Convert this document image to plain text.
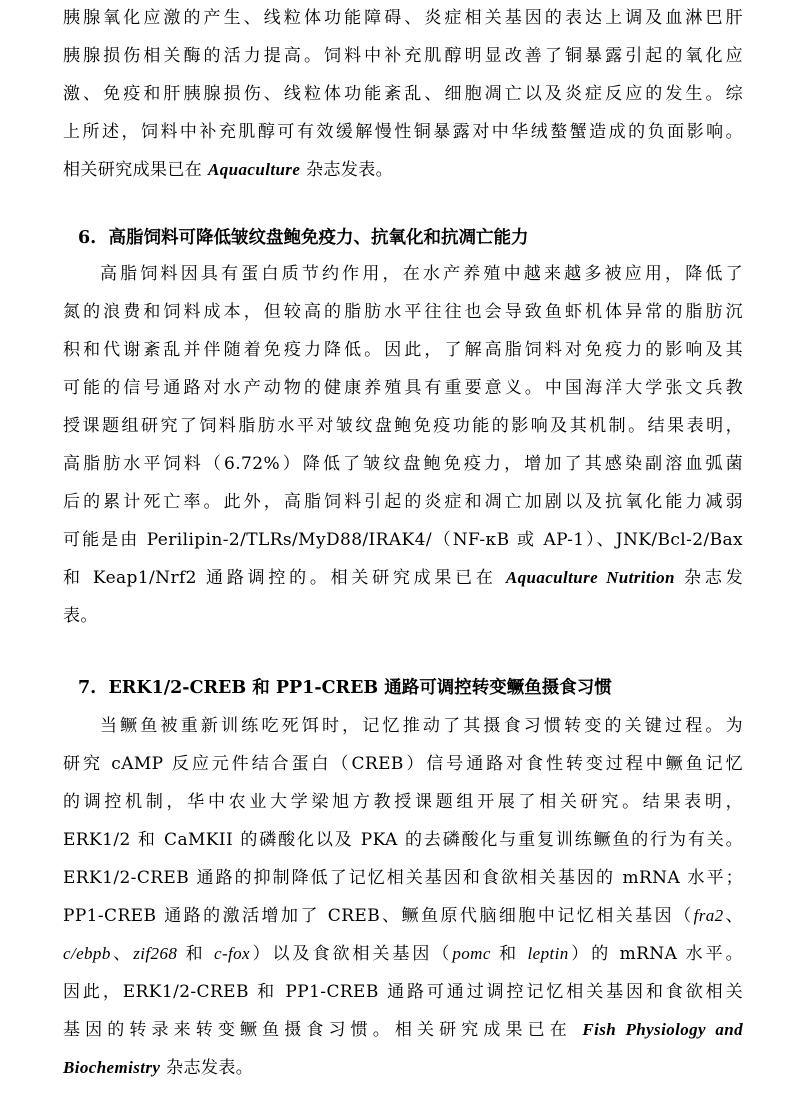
胰腺氧化应激的产生、线粒体功能障碍、炎症相关基因的表达上调及血淋巴肝
胰腺损伤相关酶的活力提高。饲料中补充肌醇明显改善了铜暴露引起的氧化应
激、免疫和肝胰腺损伤、线粒体功能紊乱、细胞凋亡以及炎症反应的发生。综
上所述，饲料中补充肌醇可有效缓解慢性铜暴露对中华绒螯蟹造成的负面影响。
相关研究成果已在 Aquaculture 杂志发表。
6. 高脂饲料可降低皱纹盘鲍免疫力、抗氧化和抗凋亡能力
高脂饲料因具有蛋白质节约作用，在水产养殖中越来越多被应用，降低了
氮的浪费和饲料成本，但较高的脂肪水平往往也会导致鱼虾机体异常的脂肪沉
积和代谢紊乱并伴随着免疫力降低。因此，了解高脂饲料对免疫力的影响及其
可能的信号通路对水产动物的健康养殖具有重要意义。中国海洋大学张文兵教
授课题组研究了饲料脂肪水平对皱纹盘鲍免疫功能的影响及其机制。结果表明，
高脂肪水平饲料（6.72%）降低了皱纹盘鲍免疫力，增加了其感染副溶血弧菌
后的累计死亡率。此外，高脂饲料引起的炎症和凋亡加剧以及抗氧化能力减弱
可能是由 Perilipin-2/TLRs/MyD88/IRAK4/（NF-κB 或 AP-1）、JNK/Bcl-2/Bax
和 Keap1/Nrf2 通路调控的。相关研究成果已在 Aquaculture Nutrition 杂志发
表。
7. ERK1/2-CREB 和 PP1-CREB 通路可调控转变鳜鱼摄食习惯
当鳜鱼被重新训练吃死饵时，记忆推动了其摄食习惯转变的关键过程。为
研究 cAMP 反应元件结合蛋白（CREB）信号通路对食性转变过程中鳜鱼记忆
的调控机制，华中农业大学梁旭方教授课题组开展了相关研究。结果表明，
ERK1/2 和 CaMKII 的磷酸化以及 PKA 的去磷酸化与重复训练鳜鱼的行为有关。
ERK1/2-CREB 通路的抑制降低了记忆相关基因和食欲相关基因的 mRNA 水平；
PP1-CREB 通路的激活增加了 CREB、鳜鱼原代脑细胞中记忆相关基因（fra2、
c/ebpb、zif268 和 c-fox）以及食欲相关基因（pomc 和 leptin）的 mRNA 水平。
因此，ERK1/2-CREB 和 PP1-CREB 通路可通过调控记忆相关基因和食欲相关
基因的转录来转变鳜鱼摄食习惯。相关研究成果已在 Fish Physiology and
Biochemistry 杂志发表。
